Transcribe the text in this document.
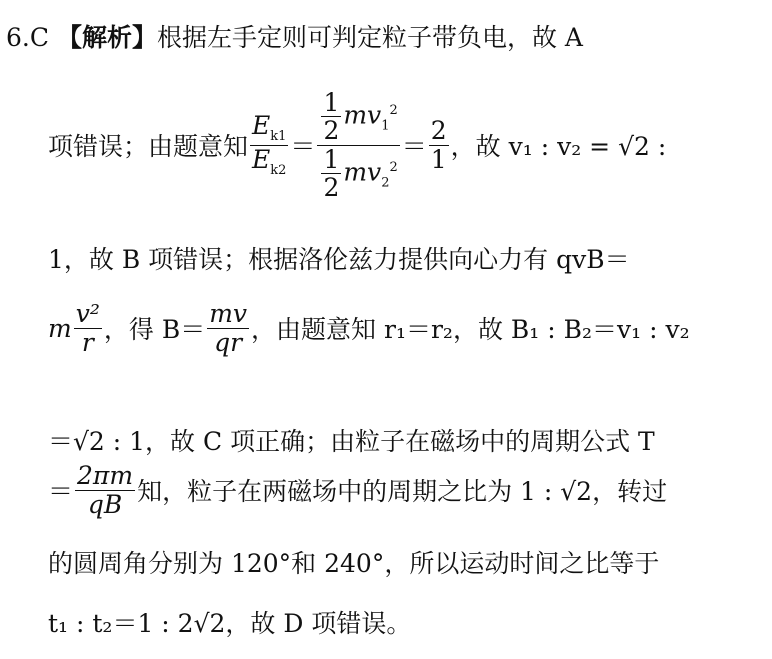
6.C 【解析】根据左手定则可判定粒子带负电，故 A
项错误；由题意知 $\frac{E_{k1}}{E_{k2}} = \frac{\frac{1}{2} mv_1^2}{\frac{1}{2} mv_2^2} = \frac{2}{1}$ ，故 v₁ : v₂ = √2 :
1，故 B 项错误；根据洛伦兹力提供向心力有 qvB＝
m $\frac{\text{v²}}{r}$ ，得 $B= \frac{mv}{qr}$ ，由题意知 r₁＝r₂，故 B₁ : B₂＝v₁ : v₂
＝√2 : 1，故 C 项正确；由粒子在磁场中的周期公式 T
＝ $\frac{2\pi m}{qB}$ 知，粒子在两磁场中的周期之比为 1 : √2，转过
的圆周角分别为 120°和 240°，所以运动时间之比等于
t₁ : t₂＝1 : 2√2，故 D 项错误。
